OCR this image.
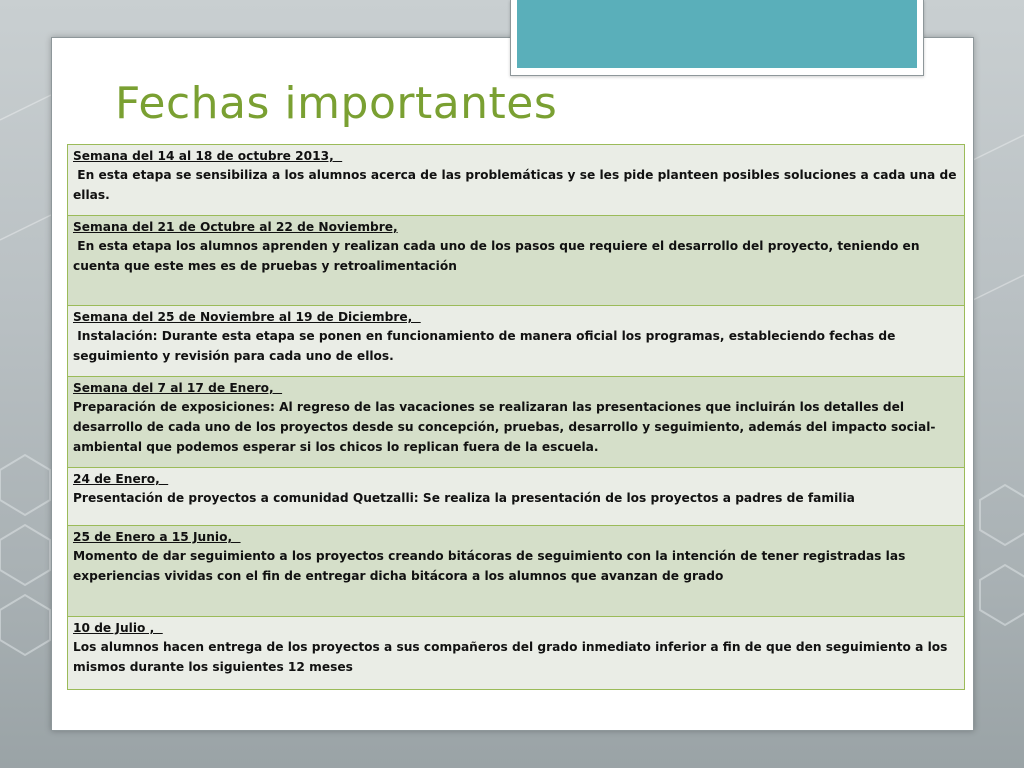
Fechas importantes
Semana del 14 al 18 de octubre 2013,
En esta etapa se sensibiliza a los alumnos acerca de las problemáticas y se les pide planteen posibles soluciones a cada una de ellas.

Semana del 21 de Octubre al 22 de Noviembre,
En esta etapa los alumnos aprenden y realizan cada uno de los pasos que requiere el desarrollo del proyecto, teniendo en cuenta que este mes es de pruebas y retroalimentación

Semana del 25 de Noviembre al 19 de Diciembre,
Instalación: Durante esta etapa se ponen en funcionamiento de manera oficial los programas, estableciendo fechas de seguimiento y revisión para cada uno de ellos.

Semana del 7 al 17 de Enero,
Preparación de exposiciones: Al regreso de las vacaciones se realizaran las presentaciones que incluirán los detalles del desarrollo de cada uno de los proyectos desde su concepción, pruebas, desarrollo y seguimiento, además del impacto social-ambiental que podemos esperar si los chicos lo replican fuera de la escuela.

24 de Enero,
Presentación de proyectos a comunidad Quetzalli: Se realiza la presentación de los proyectos a padres de familia

25 de Enero a 15 Junio,
Momento de dar seguimiento a los proyectos creando bitácoras de seguimiento con la intención de tener registradas las experiencias vividas con el fin de entregar dicha bitácora a los alumnos que avanzan de grado

10 de Julio ,
Los alumnos hacen entrega de los proyectos a sus compañeros del grado inmediato inferior a fin de que den seguimiento a los mismos durante los siguientes 12 meses
